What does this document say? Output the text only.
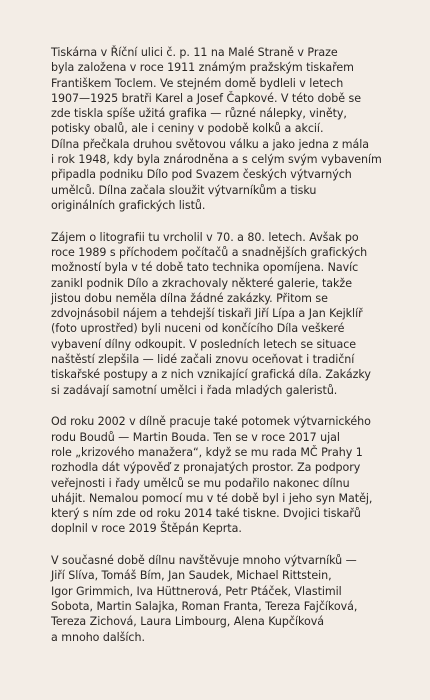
Tiskárna v Říční ulici č. p. 11 na Malé Straně v Praze
byla založena v roce 1911 známým pražským tiskařem
Františkem Toclem. Ve stejném domě bydleli v letech
1907—1925 bratři Karel a Josef Čapkové. V této době se
zde tiskla spíše užitá grafika — různé nálepky, viněty,
potisky obalů, ale i ceniny v podobě kolků a akcií.
Dílna přečkala druhou světovou válku a jako jedna z mála
i rok 1948, kdy byla znárodněna a s celým svým vybavením
připadla podniku Dílo pod Svazem českých výtvarných
umělců. Dílna začala sloužit výtvarníkům a tisku
originálních grafických listů.
Zájem o litografii tu vrcholil v 70. a 80. letech. Avšak po
roce 1989 s příchodem počítačů a snadnějších grafických
možností byla v té době tato technika opomíjena. Navíc
zanikl podnik Dílo a zkrachovaly některé galerie, takže
jistou dobu neměla dílna žádné zakázky. Přitom se
zdvojnásobil nájem a tehdejší tiskaři Jiří Lípa a Jan Kejklíř
(foto uprostřed) byli nuceni od končícího Díla veškeré
vybavení dílny odkoupit. V posledních letech se situace
naštěstí zlepšila — lidé začali znovu oceňovat i tradiční
tiskařské postupy a z nich vznikající grafická díla. Zakázky
si zadávají samotní umělci i řada mladých galeristů.
Od roku 2002 v dílně pracuje také potomek výtvarnického
rodu Boudů — Martin Bouda. Ten se v roce 2017 ujal
role „krizového manažera“, když se mu rada MČ Prahy 1
rozhodla dát výpověď z pronajatých prostor. Za podpory
veřejnosti i řady umělců se mu podařilo nakonec dílnu
uhájit. Nemalou pomocí mu v té době byl i jeho syn Matěj,
který s ním zde od roku 2014 také tiskne. Dvojici tiskařů
doplnil v roce 2019 Štěpán Keprta.
V současné době dílnu navštěvuje mnoho výtvarníků —
Jiří Slíva, Tomáš Bím, Jan Saudek, Michael Rittstein,
Igor Grimmich, Iva Hüttnerová, Petr Ptáček, Vlastimil
Sobota, Martin Salajka, Roman Franta, Tereza Fajčíková,
Tereza Zichová, Laura Limbourg, Alena Kupčíková
a mnoho dalších.
